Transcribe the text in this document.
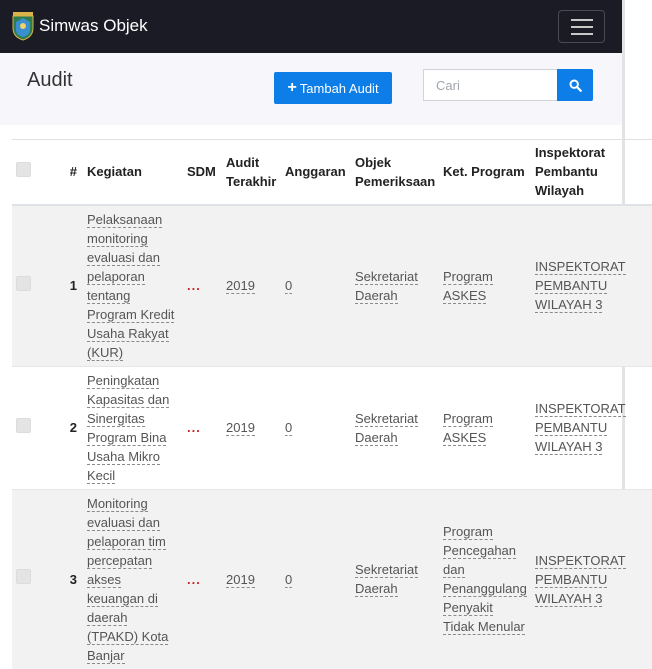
Simwas Objek
Audit	+ Tambah Audit
Cari
	#	Kegiatan	SDM	Audit Terakhir	Anggaran	Objek Pemeriksaan	Ket. Program	Inspektorat Pembantu Wilayah
	1	Pelaksanaan monitoring evaluasi dan pelaporan tentang Program Kredit Usaha Rakyat (KUR)	...	2019	0	Sekretariat Daerah	Program ASKES	INSPEKTORAT PEMBANTU WILAYAH 3
	2	Peningkatan Kapasitas dan Sinergitas Program Bina Usaha Mikro Kecil	...	2019	0	Sekretariat Daerah	Program ASKES	INSPEKTORAT PEMBANTU WILAYAH 3
	3	Monitoring evaluasi dan pelaporan tim percepatan akses keuangan di daerah (TPAKD) Kota Banjar	...	2019	0	Sekretariat Daerah	Program Pencegahan dan Penanggulang Penyakit Tidak Menular	INSPEKTORAT PEMBANTU WILAYAH 3
